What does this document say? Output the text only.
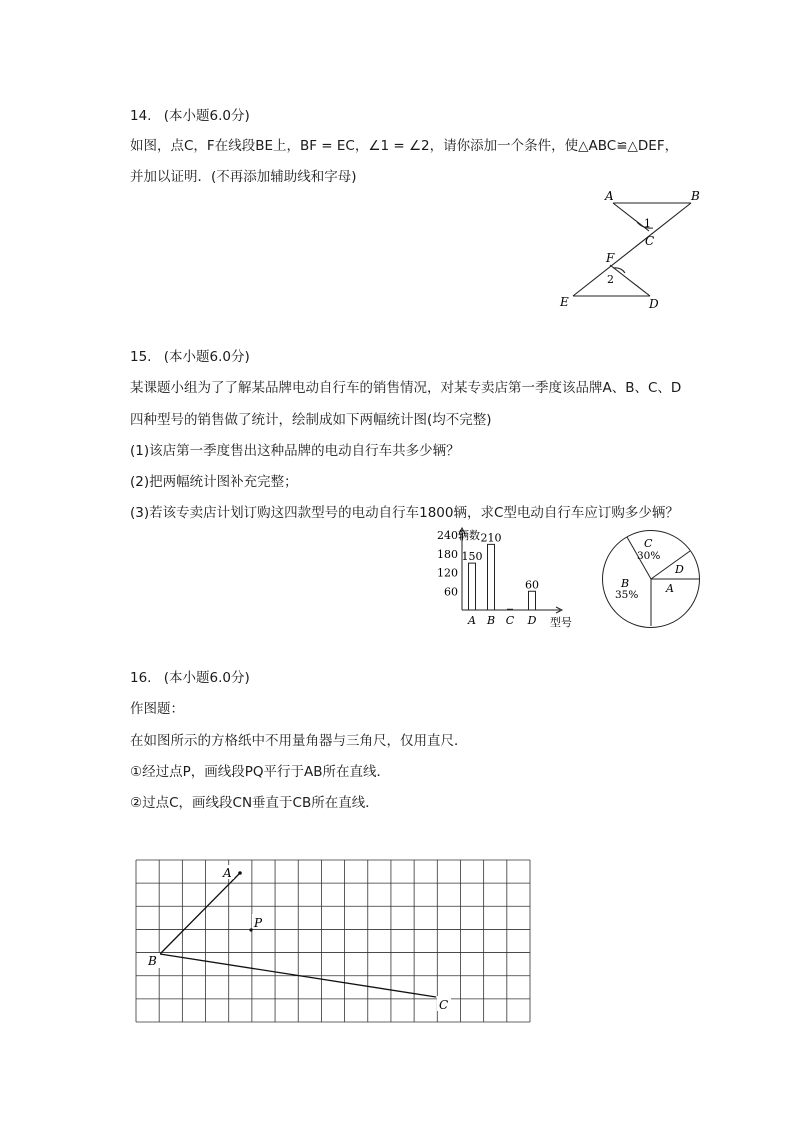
14. (本小题6.0分)
如图，点C，F在线段BE上，BF = EC，∠1 = ∠2，请你添加一个条件，使△ABC≌△DEF，
并加以证明．(不再添加辅助线和字母)
A	B
C
F
E	D
1
2
15. (本小题6.0分)
某课题小组为了了解某品牌电动自行车的销售情况，对某专卖店第一季度该品牌A、B、C、D
四种型号的销售做了统计，绘制成如下两幅统计图(均不完整)
(1)该店第一季度售出这种品牌的电动自行车共多少辆？
(2)把两幅统计图补充完整；
(3)若该专卖店计划订购这四款型号的电动自行车1800辆，求C型电动自行车应订购多少辆？
辆数
型号
60
120
180
240
150
A
210
B C
60
D
C
30%
D
A
B
35%
16. (本小题6.0分)
作图题：
在如图所示的方格纸中不用量角器与三角尺，仅用直尺．
①经过点P，画线段PQ平行于AB所在直线．
②过点C，画线段CN垂直于CB所在直线．
A
P
B
C
